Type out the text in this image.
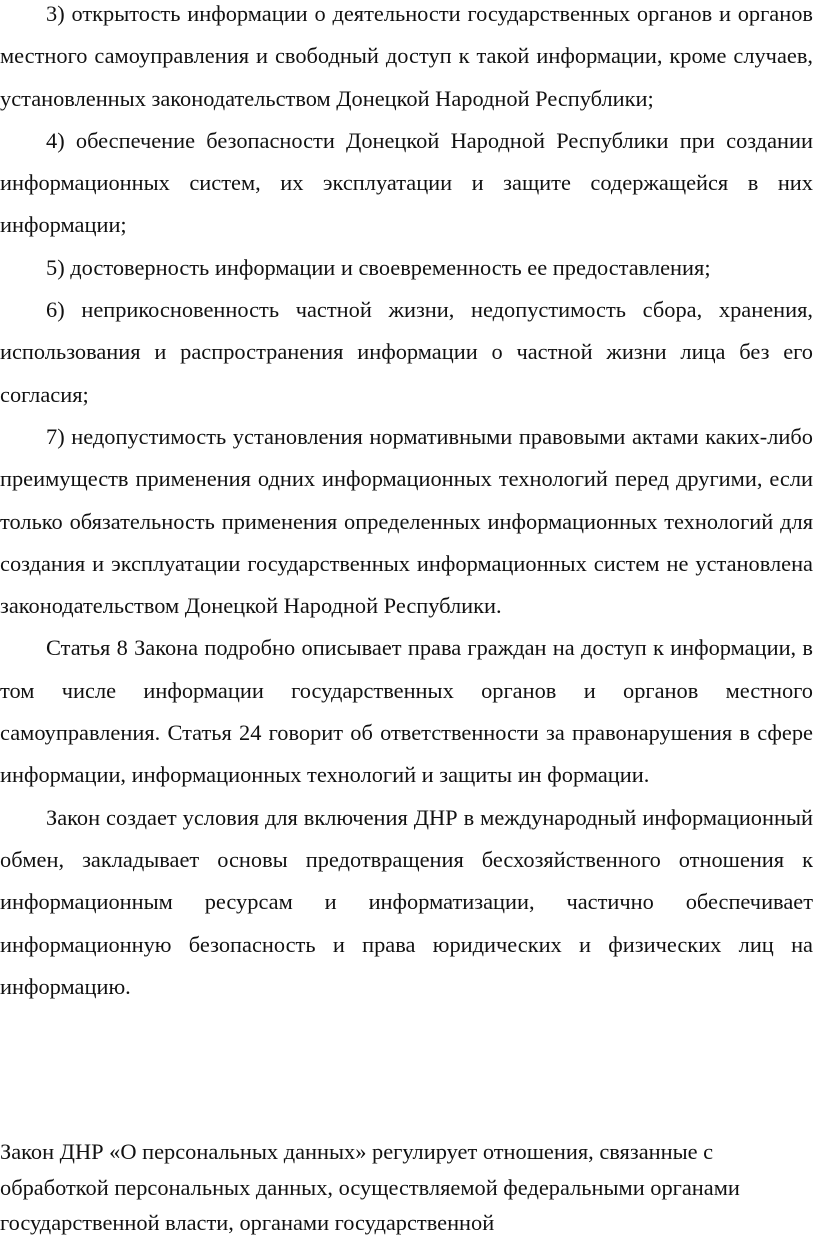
3) открытость информации о деятельности государственных органов и органов местного самоуправления и свободный доступ к такой информации, кроме случаев, установленных законодательством Донецкой Народной Республики;

4) обеспечение безопасности Донецкой Народной Республики при создании информационных систем, их эксплуатации и защите содержащейся в них информации;

5) достоверность информации и своевременность ее предоставления;

6) неприкосновенность частной жизни, недопустимость сбора, хранения, использования и распространения информации о частной жизни лица без его согласия;

7) недопустимость установления нормативными правовыми актами каких-либо преимуществ применения одних информационных технологий перед другими, если только обязательность применения определенных информационных технологий для создания и эксплуатации государственных информационных систем не установлена законодательством Донецкой Народной Республики.

Статья 8 Закона подробно описывает права граждан на доступ к информации, в том числе информации государственных органов и органов местного самоуправления. Статья 24 говорит об ответственности за правонарушения в сфере информации, информационных технологий и защиты ин формации.

Закон создает условия для включения ДНР в международный информационный обмен, закладывает основы предотвращения бесхозяйственного отношения к информационным ресурсам и информатизации, частично обеспечивает информационную безопасность и права юридических и физических лиц на информацию.

Закон ДНР «О персональных данных» регулирует отношения, связанные с
обработкой персональных данных, осуществляемой федеральными органами
государственной власти, органами государственной
